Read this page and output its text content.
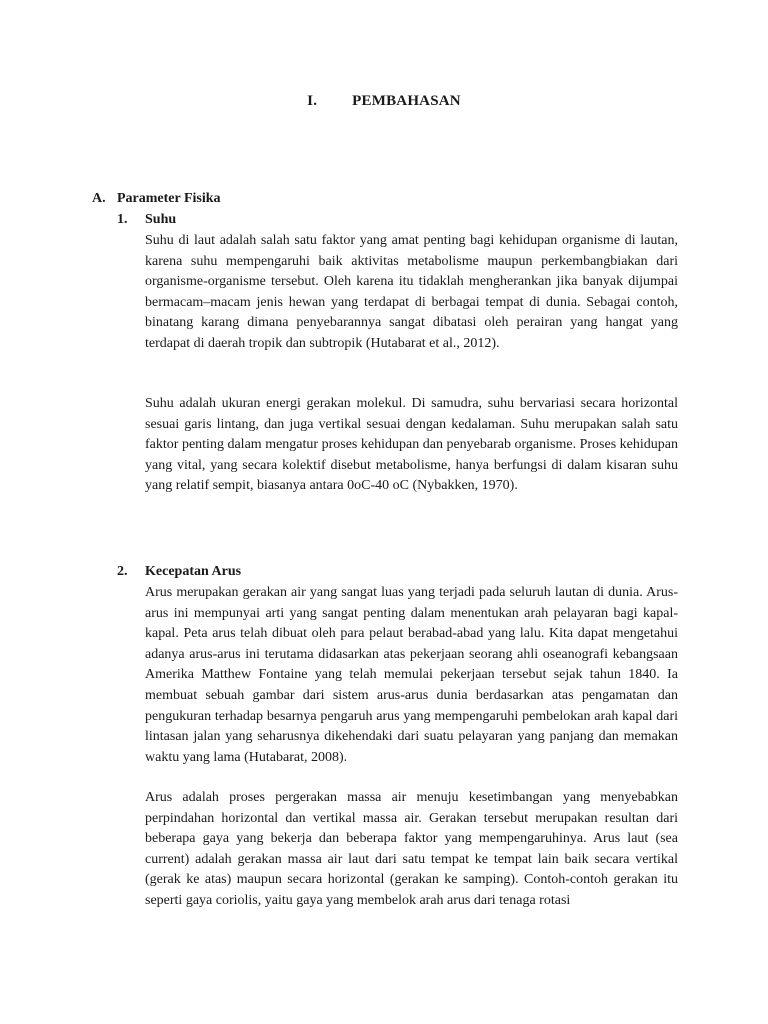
I. PEMBAHASAN
A. Parameter Fisika
1. Suhu

Suhu di laut adalah salah satu faktor yang amat penting bagi kehidupan organisme di lautan, karena suhu mempengaruhi baik aktivitas metabolisme maupun perkembangbiakan dari organisme-organisme tersebut. Oleh karena itu tidaklah mengherankan jika banyak dijumpai bermacam–macam jenis hewan yang terdapat di berbagai tempat di dunia. Sebagai contoh, binatang karang dimana penyebarannya sangat dibatasi oleh perairan yang hangat yang terdapat di daerah tropik dan subtropik (Hutabarat et al., 2012).

Suhu adalah ukuran energi gerakan molekul. Di samudra, suhu bervariasi secara horizontal sesuai garis lintang, dan juga vertikal sesuai dengan kedalaman. Suhu merupakan salah satu faktor penting dalam mengatur proses kehidupan dan penyebarab organisme. Proses kehidupan yang vital, yang secara kolektif disebut metabolisme, hanya berfungsi di dalam kisaran suhu yang relatif sempit, biasanya antara 0oC-40 oC (Nybakken, 1970).

2. Kecepatan Arus

Arus merupakan gerakan air yang sangat luas yang terjadi pada seluruh lautan di dunia. Arus-arus ini mempunyai arti yang sangat penting dalam menentukan arah pelayaran bagi kapal-kapal. Peta arus telah dibuat oleh para pelaut berabad-abad yang lalu. Kita dapat mengetahui adanya arus-arus ini terutama didasarkan atas pekerjaan seorang ahli oseanografi kebangsaan Amerika Matthew Fontaine yang telah memulai pekerjaan tersebut sejak tahun 1840. Ia membuat sebuah gambar dari sistem arus-arus dunia berdasarkan atas pengamatan dan pengukuran terhadap besarnya pengaruh arus yang mempengaruhi pembelokan arah kapal dari lintasan jalan yang seharusnya dikehendaki dari suatu pelayaran yang panjang dan memakan waktu yang lama (Hutabarat, 2008).

Arus adalah proses pergerakan massa air menuju kesetimbangan yang menyebabkan perpindahan horizontal dan vertikal massa air. Gerakan tersebut merupakan resultan dari beberapa gaya yang bekerja dan beberapa faktor yang mempengaruhinya. Arus laut (sea current) adalah gerakan massa air laut dari satu tempat ke tempat lain baik secara vertikal (gerak ke atas) maupun secara horizontal (gerakan ke samping). Contoh-contoh gerakan itu seperti gaya coriolis, yaitu gaya yang membelok arah arus dari tenaga rotasi
